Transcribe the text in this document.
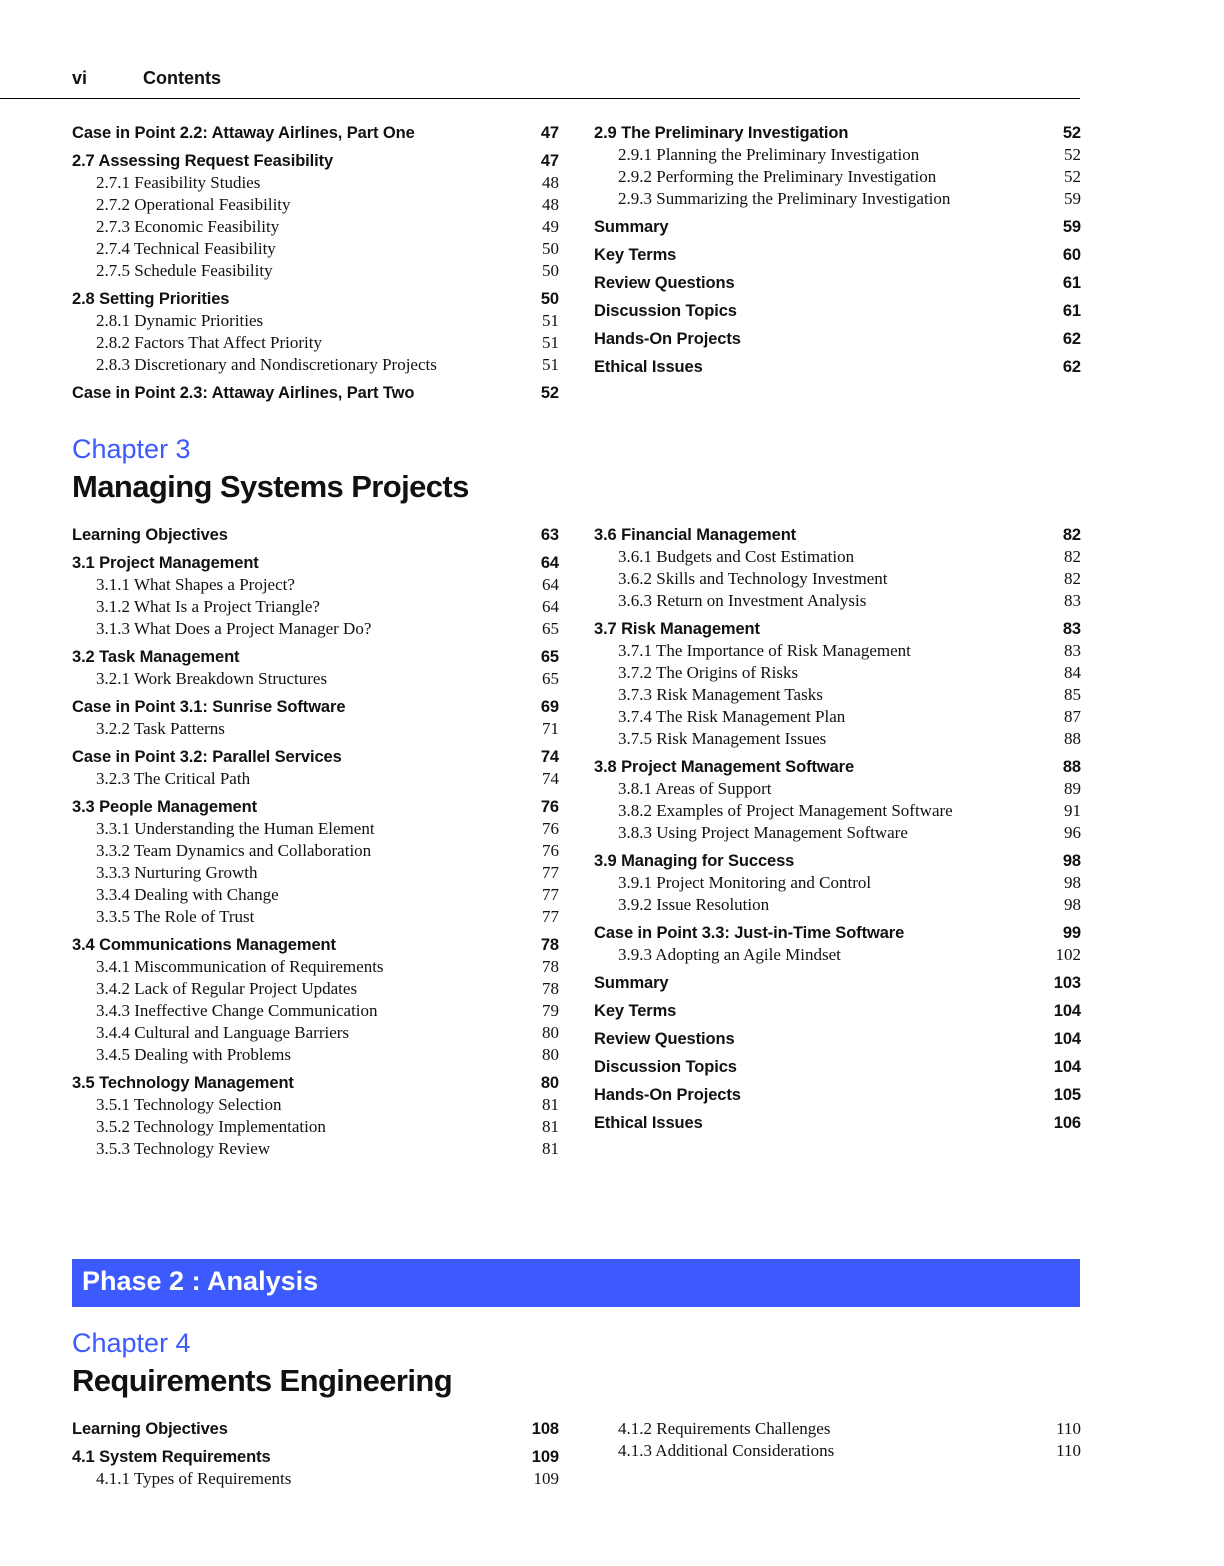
vi	Contents
Case in Point 2.2: Attaway Airlines, Part One	47
2.7 Assessing Request Feasibility	47
2.7.1 Feasibility Studies	48
2.7.2 Operational Feasibility	48
2.7.3 Economic Feasibility	49
2.7.4 Technical Feasibility	50
2.7.5 Schedule Feasibility	50
2.8 Setting Priorities	50
2.8.1 Dynamic Priorities	51
2.8.2 Factors That Affect Priority	51
2.8.3 Discretionary and Nondiscretionary Projects	51
Case in Point 2.3: Attaway Airlines, Part Two	52
2.9 The Preliminary Investigation	52
2.9.1 Planning the Preliminary Investigation	52
2.9.2 Performing the Preliminary Investigation	52
2.9.3 Summarizing the Preliminary Investigation	59
Summary	59
Key Terms	60
Review Questions	61
Discussion Topics	61
Hands-On Projects	62
Ethical Issues	62
Chapter 3
Managing Systems Projects
Learning Objectives	63
3.1 Project Management	64
3.1.1 What Shapes a Project?	64
3.1.2 What Is a Project Triangle?	64
3.1.3 What Does a Project Manager Do?	65
3.2 Task Management	65
3.2.1 Work Breakdown Structures	65
Case in Point 3.1: Sunrise Software	69
3.2.2 Task Patterns	71
Case in Point 3.2: Parallel Services	74
3.2.3 The Critical Path	74
3.3 People Management	76
3.3.1 Understanding the Human Element	76
3.3.2 Team Dynamics and Collaboration	76
3.3.3 Nurturing Growth	77
3.3.4 Dealing with Change	77
3.3.5 The Role of Trust	77
3.4 Communications Management	78
3.4.1 Miscommunication of Requirements	78
3.4.2 Lack of Regular Project Updates	78
3.4.3 Ineffective Change Communication	79
3.4.4 Cultural and Language Barriers	80
3.4.5 Dealing with Problems	80
3.5 Technology Management	80
3.5.1 Technology Selection	81
3.5.2 Technology Implementation	81
3.5.3 Technology Review	81
3.6 Financial Management	82
3.6.1 Budgets and Cost Estimation	82
3.6.2 Skills and Technology Investment	82
3.6.3 Return on Investment Analysis	83
3.7 Risk Management	83
3.7.1 The Importance of Risk Management	83
3.7.2 The Origins of Risks	84
3.7.3 Risk Management Tasks	85
3.7.4 The Risk Management Plan	87
3.7.5 Risk Management Issues	88
3.8 Project Management Software	88
3.8.1 Areas of Support	89
3.8.2 Examples of Project Management Software	91
3.8.3 Using Project Management Software	96
3.9 Managing for Success	98
3.9.1 Project Monitoring and Control	98
3.9.2 Issue Resolution	98
Case in Point 3.3: Just-in-Time Software	99
3.9.3 Adopting an Agile Mindset	102
Summary	103
Key Terms	104
Review Questions	104
Discussion Topics	104
Hands-On Projects	105
Ethical Issues	106
Phase 2 : Analysis
Chapter 4
Requirements Engineering
Learning Objectives	108
4.1 System Requirements	109
4.1.1 Types of Requirements	109
4.1.2 Requirements Challenges	110
4.1.3 Additional Considerations	110
